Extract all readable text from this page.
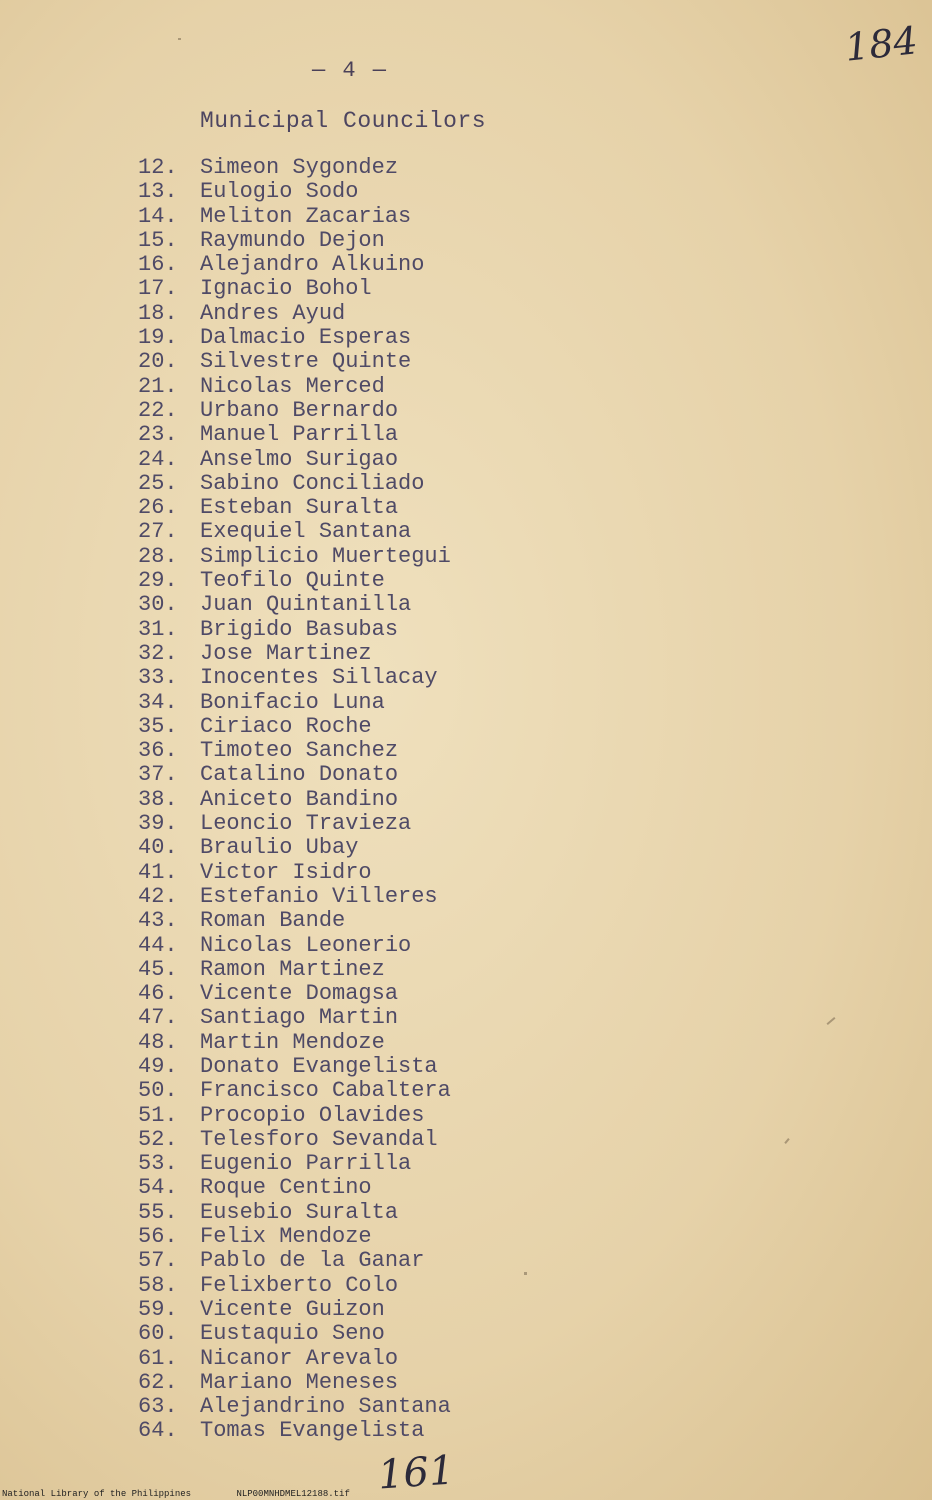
184
— 4 —
Municipal Councilors
12. Simeon Sygondez
13. Eulogio Sodo
14. Meliton Zacarias
15. Raymundo Dejon
16. Alejandro Alkuino
17. Ignacio Bohol
18. Andres Ayud
19. Dalmacio Esperas
20. Silvestre Quinte
21. Nicolas Merced
22. Urbano Bernardo
23. Manuel Parrilla
24. Anselmo Surigao
25. Sabino Conciliado
26. Esteban Suralta
27. Exequiel Santana
28. Simplicio Muertegui
29. Teofilo Quinte
30. Juan Quintanilla
31. Brigido Basubas
32. Jose Martinez
33. Inocentes Sillacay
34. Bonifacio Luna
35. Ciriaco Roche
36. Timoteo Sanchez
37. Catalino Donato
38. Aniceto Bandino
39. Leoncio Travieza
40. Braulio Ubay
41. Victor Isidro
42. Estefanio Villeres
43. Roman Bande
44. Nicolas Leonerio
45. Ramon Martinez
46. Vicente Domagsa
47. Santiago Martin
48. Martin Mendoze
49. Donato Evangelista
50. Francisco Cabaltera
51. Procopio Olavides
52. Telesforo Sevandal
53. Eugenio Parrilla
54. Roque Centino
55. Eusebio Suralta
56. Felix Mendoze
57. Pablo de la Ganar
58. Felixberto Colo
59. Vicente Guizon
60. Eustaquio Seno
61. Nicanor Arevalo
62. Mariano Meneses
63. Alejandrino Santana
64. Tomas Evangelista
161
National Library of the Philippines	NLP00MNHDMEL12188.tif
